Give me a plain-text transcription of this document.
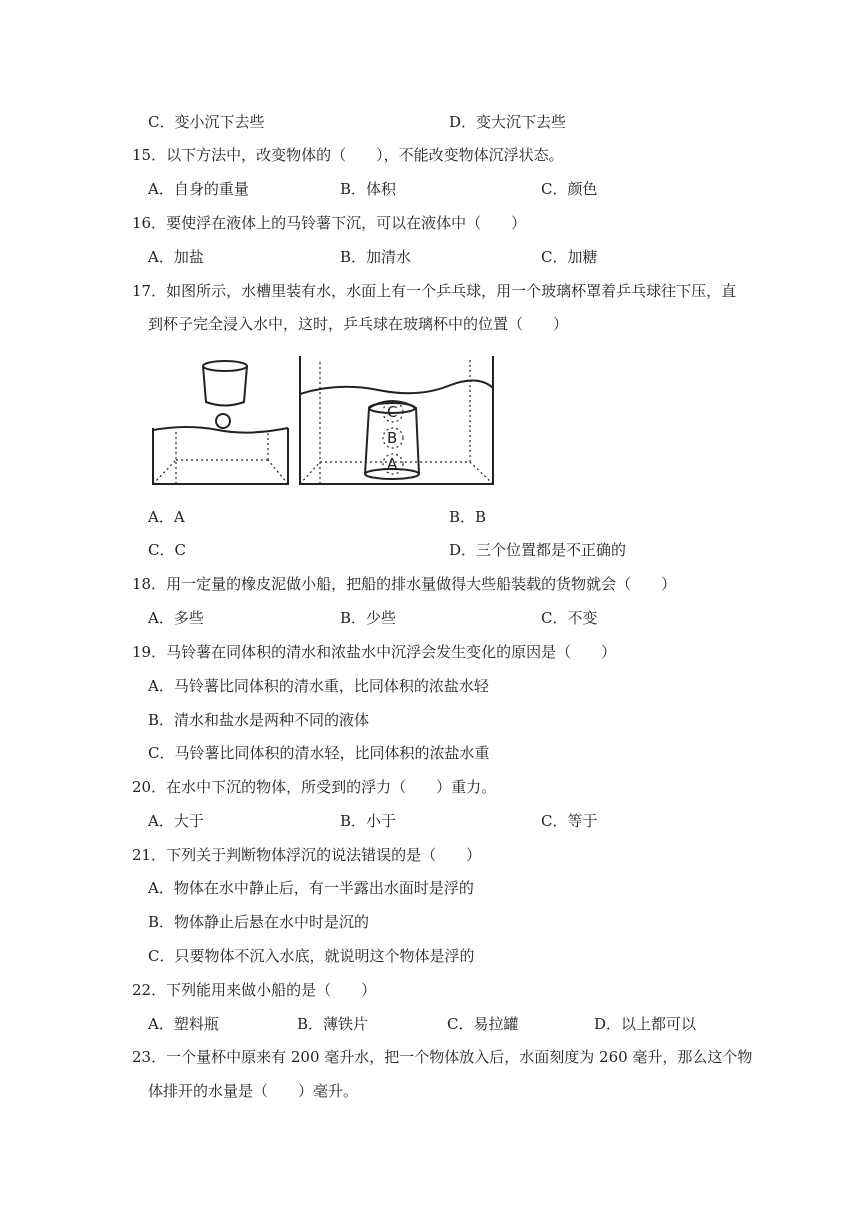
C．变小沉下去些	D．变大沉下去些
15．以下方法中，改变物体的（　　），不能改变物体沉浮状态。
A．自身的重量	B．体积	C．颜色
16．要使浮在液体上的马铃薯下沉，可以在液体中（　　）
A．加盐	B．加清水	C．加糖
17．如图所示，水槽里装有水，水面上有一个乒乓球，用一个玻璃杯罩着乒乓球往下压，直
到杯子完全浸入水中，这时，乒乓球在玻璃杯中的位置（　　）
C
B
A
A．A	B．B
C．C	D．三个位置都是不正确的
18．用一定量的橡皮泥做小船，把船的排水量做得大些船装载的货物就会（　　）
A．多些	B．少些	C．不变
19．马铃薯在同体积的清水和浓盐水中沉浮会发生变化的原因是（　　）
A．马铃薯比同体积的清水重，比同体积的浓盐水轻
B．清水和盐水是两种不同的液体
C．马铃薯比同体积的清水轻，比同体积的浓盐水重
20．在水中下沉的物体，所受到的浮力（　　）重力。
A．大于	B．小于	C．等于
21．下列关于判断物体浮沉的说法错误的是（　　）
A．物体在水中静止后，有一半露出水面时是浮的
B．物体静止后悬在水中时是沉的
C．只要物体不沉入水底，就说明这个物体是浮的
22．下列能用来做小船的是（　　）
A．塑料瓶	B．薄铁片	C．易拉罐	D．以上都可以
23．一个量杯中原来有 200 毫升水，把一个物体放入后，水面刻度为 260 毫升，那么这个物
体排开的水量是（　　）毫升。
